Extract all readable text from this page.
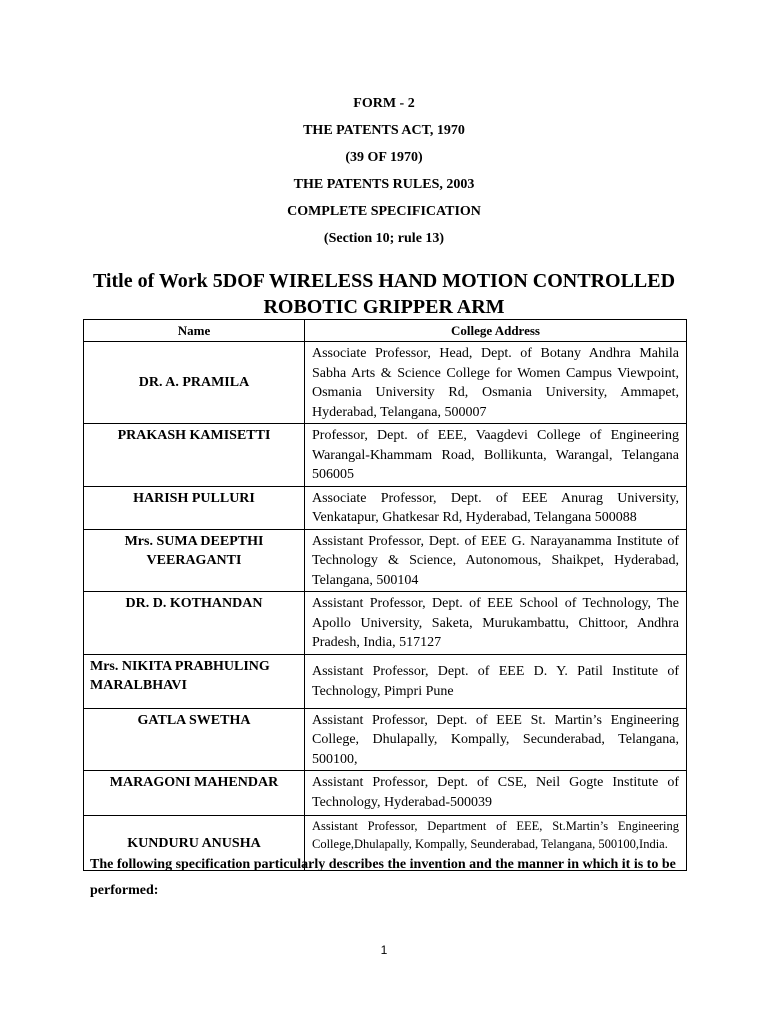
FORM - 2
THE PATENTS ACT, 1970
(39 OF 1970)
THE PATENTS RULES, 2003
COMPLETE SPECIFICATION
(Section 10; rule 13)
Title of Work 5DOF WIRELESS HAND MOTION CONTROLLED ROBOTIC GRIPPER ARM
Name	College Address
DR. A. PRAMILA	Associate Professor, Head, Dept. of Botany Andhra Mahila Sabha Arts & Science College for Women Campus Viewpoint, Osmania University Rd, Osmania University, Ammapet, Hyderabad, Telangana, 500007
PRAKASH KAMISETTI	Professor, Dept. of EEE, Vaagdevi College of Engineering Warangal-Khammam Road, Bollikunta, Warangal, Telangana 506005
HARISH PULLURI	Associate Professor, Dept. of EEE Anurag University, Venkatapur, Ghatkesar Rd, Hyderabad, Telangana 500088
Mrs. SUMA DEEPTHI VEERAGANTI	Assistant Professor, Dept. of EEE G. Narayanamma Institute of Technology & Science, Autonomous, Shaikpet, Hyderabad, Telangana, 500104
DR. D. KOTHANDAN	Assistant Professor, Dept. of EEE School of Technology, The Apollo University, Saketa, Murukambattu, Chittoor, Andhra Pradesh, India, 517127
Mrs. NIKITA PRABHULING MARALBHAVI	Assistant Professor, Dept. of EEE D. Y. Patil Institute of Technology, Pimpri Pune
GATLA SWETHA	Assistant Professor, Dept. of EEE St. Martin’s Engineering College, Dhulapally, Kompally, Secunderabad, Telangana, 500100,
MARAGONI MAHENDAR	Assistant Professor, Dept. of CSE, Neil Gogte Institute of Technology, Hyderabad-500039
KUNDURU ANUSHA	Assistant Professor, Department of EEE, St.Martin’s Engineering College,Dhulapally, Kompally, Seunderabad, Telangana, 500100,India.
The following specification particularly describes the invention and the manner in which it is to be performed:
1
